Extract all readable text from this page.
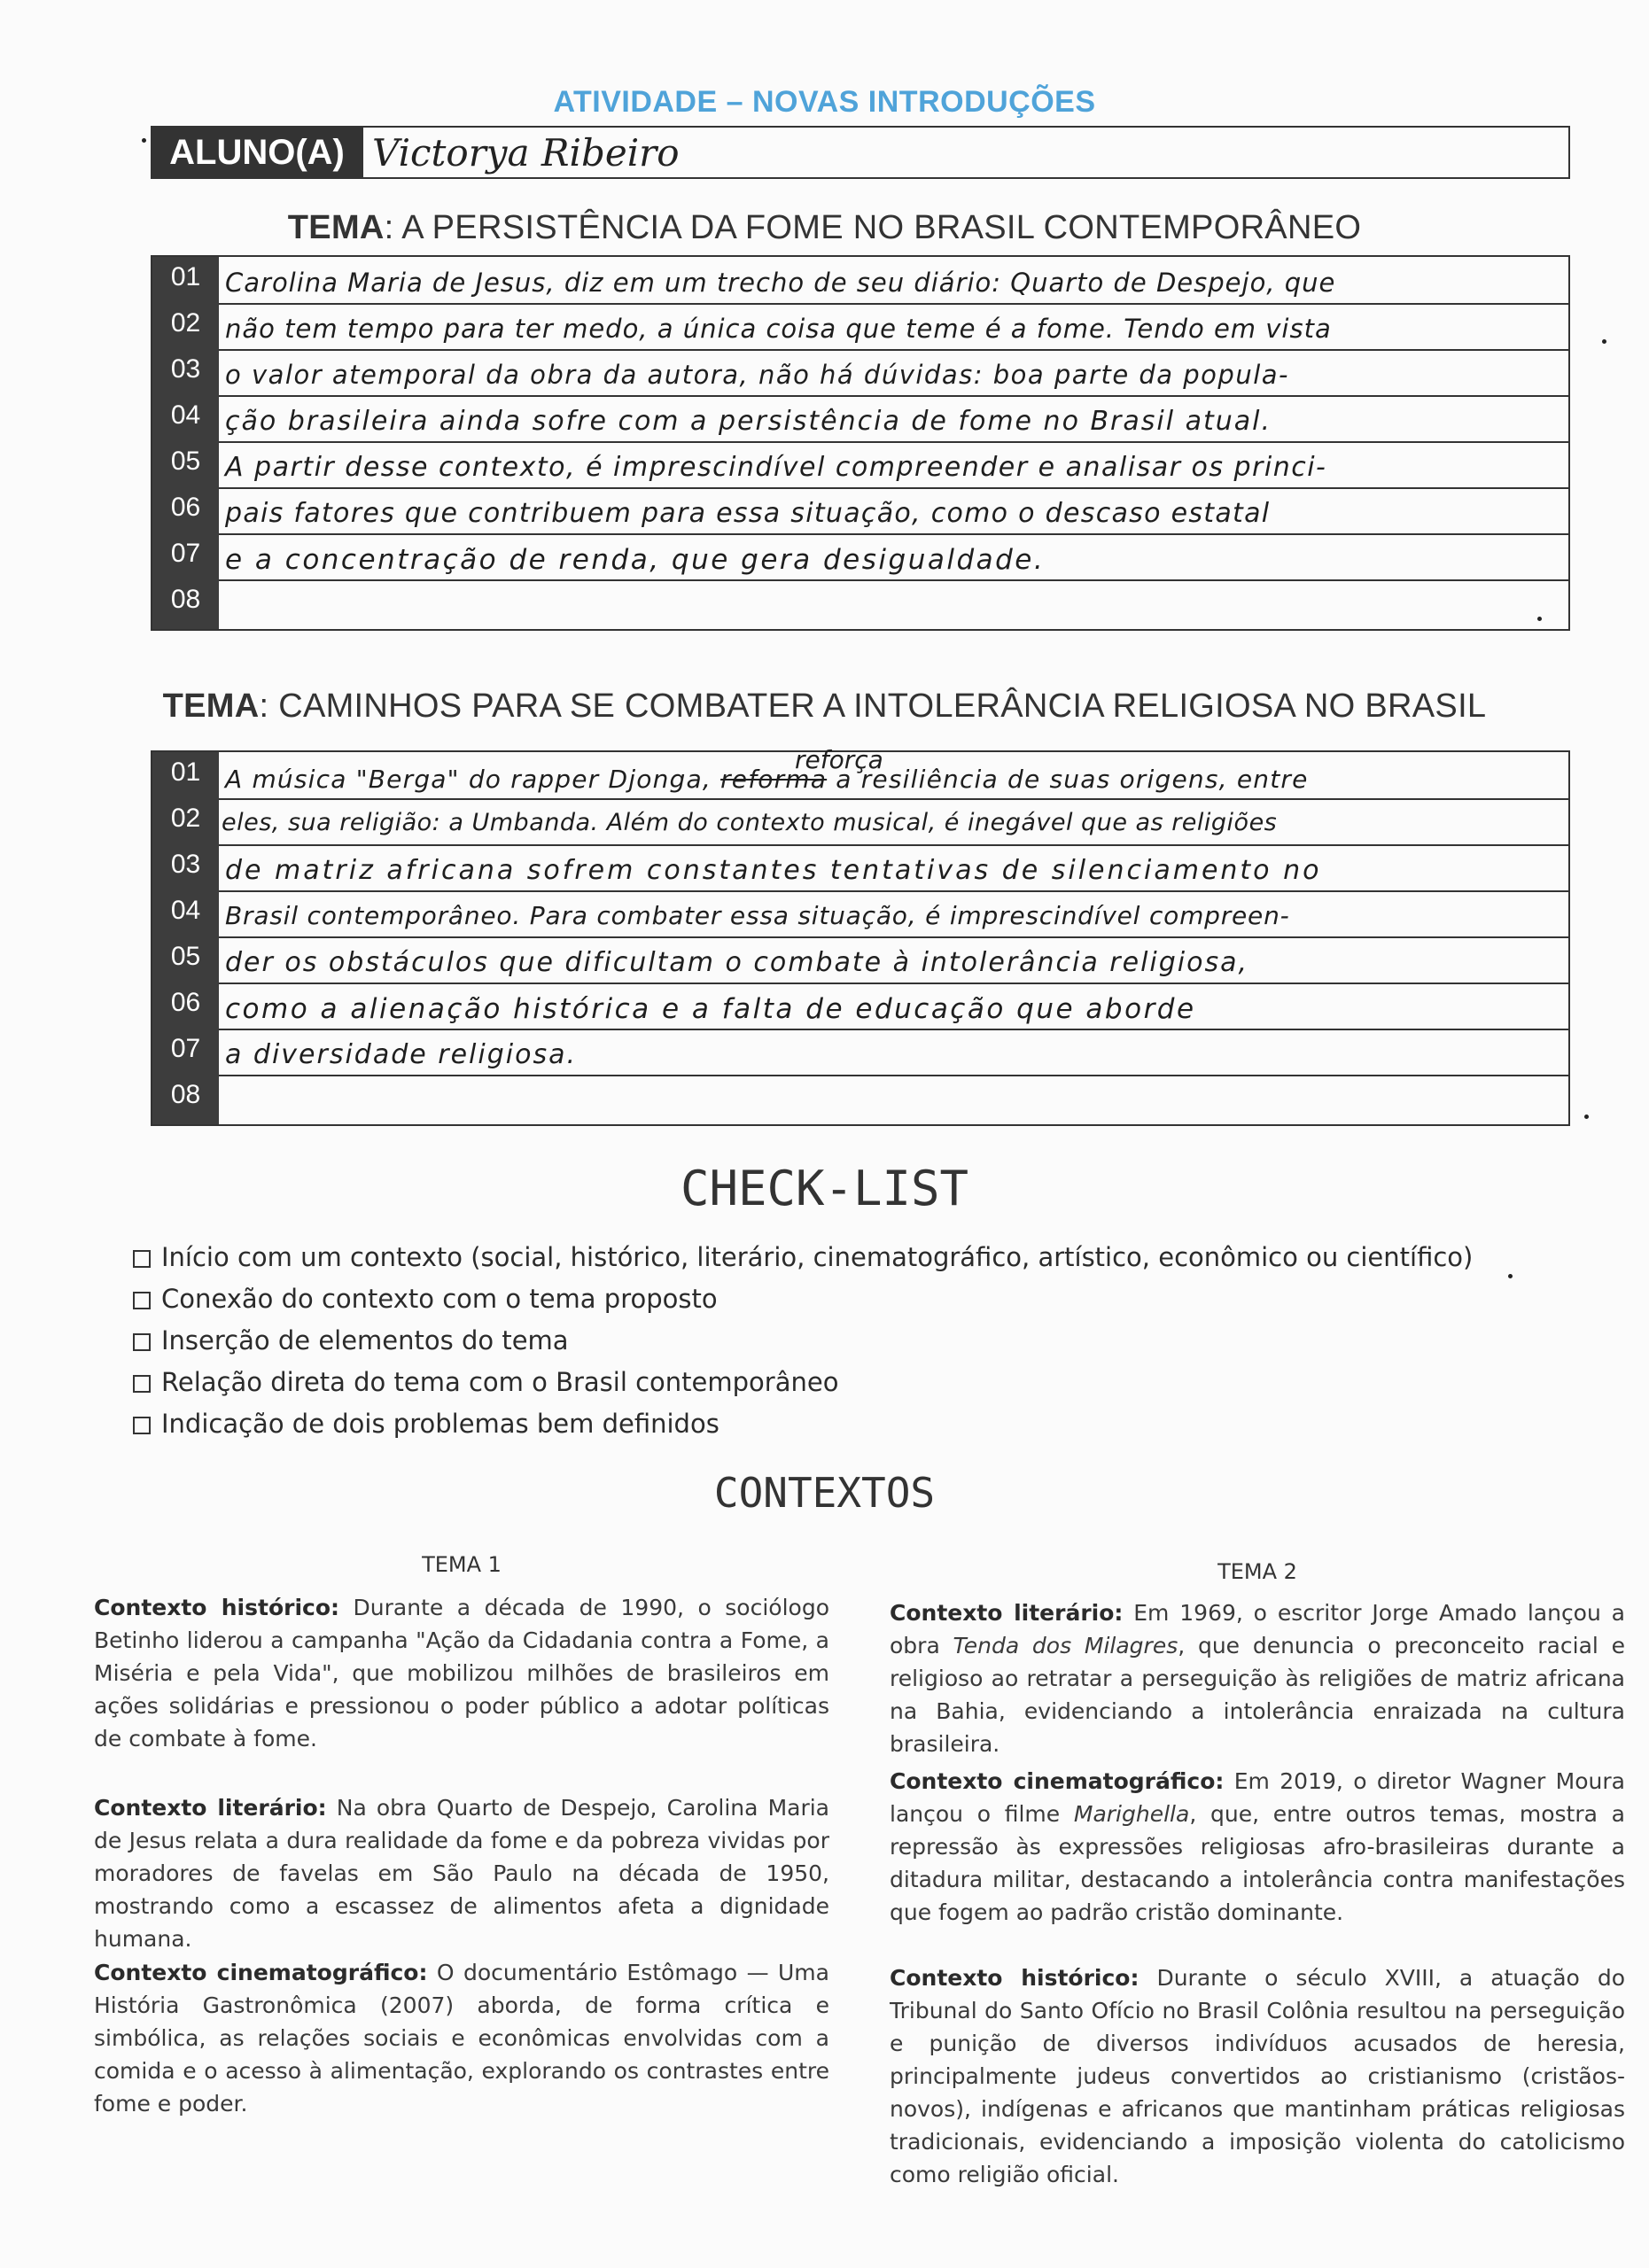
ATIVIDADE – NOVAS INTRODUÇÕES
ALUNO(A) Victorya Ribeiro
TEMA: A PERSISTÊNCIA DA FOME NO BRASIL CONTEMPORÂNEO
01
02
03
04
05
06
07
08
Carolina Maria de Jesus, diz em um trecho de seu diário: Quarto de Despejo, que
não tem tempo para ter medo, a única coisa que teme é a fome. Tendo em vista
o valor atemporal da obra da autora, não há dúvidas: boa parte da popula-
ção brasileira ainda sofre com a persistência de fome no Brasil atual.
A partir desse contexto, é imprescindível compreender e analisar os princi-
pais fatores que contribuem para essa situação, como o descaso estatal
e a concentração de renda, que gera desigualdade.
TEMA: CAMINHOS PARA SE COMBATER A INTOLERÂNCIA RELIGIOSA NO BRASIL
01
02
03
04
05
06
07
08
reforça
A música "Berga" do rapper Djonga, reforma a resiliência de suas origens, entre
eles, sua religião: a Umbanda. Além do contexto musical, é inegável que as religiões
de matriz africana sofrem constantes tentativas de silenciamento no
Brasil contemporâneo. Para combater essa situação, é imprescindível compreen-
der os obstáculos que dificultam o combate à intolerância religiosa,
como a alienação histórica e a falta de educação que aborde
a diversidade religiosa.
CHECK-LIST
Início com um contexto (social, histórico, literário, cinematográfico, artístico, econômico ou científico)
Conexão do contexto com o tema proposto
Inserção de elementos do tema
Relação direta do tema com o Brasil contemporâneo
Indicação de dois problemas bem definidos
CONTEXTOS
TEMA 1	TEMA 2
Contexto histórico: Durante a década de 1990, o sociólogo Betinho liderou a campanha "Ação da Cidadania contra a Fome, a Miséria e pela Vida", que mobilizou milhões de brasileiros em ações solidárias e pressionou o poder público a adotar políticas de combate à fome.
Contexto literário: Na obra Quarto de Despejo, Carolina Maria de Jesus relata a dura realidade da fome e da pobreza vividas por moradores de favelas em São Paulo na década de 1950, mostrando como a escassez de alimentos afeta a dignidade humana.
Contexto cinematográfico: O documentário Estômago — Uma História Gastronômica (2007) aborda, de forma crítica e simbólica, as relações sociais e econômicas envolvidas com a comida e o acesso à alimentação, explorando os contrastes entre fome e poder.
Contexto literário: Em 1969, o escritor Jorge Amado lançou a obra Tenda dos Milagres, que denuncia o preconceito racial e religioso ao retratar a perseguição às religiões de matriz africana na Bahia, evidenciando a intolerância enraizada na cultura brasileira.
Contexto cinematográfico: Em 2019, o diretor Wagner Moura lançou o filme Marighella, que, entre outros temas, mostra a repressão às expressões religiosas afro-brasileiras durante a ditadura militar, destacando a intolerância contra manifestações que fogem ao padrão cristão dominante.
Contexto histórico: Durante o século XVIII, a atuação do Tribunal do Santo Ofício no Brasil Colônia resultou na perseguição e punição de diversos indivíduos acusados de heresia, principalmente judeus convertidos ao cristianismo (cristãos-novos), indígenas e africanos que mantinham práticas religiosas tradicionais, evidenciando a imposição violenta do catolicismo como religião oficial.
